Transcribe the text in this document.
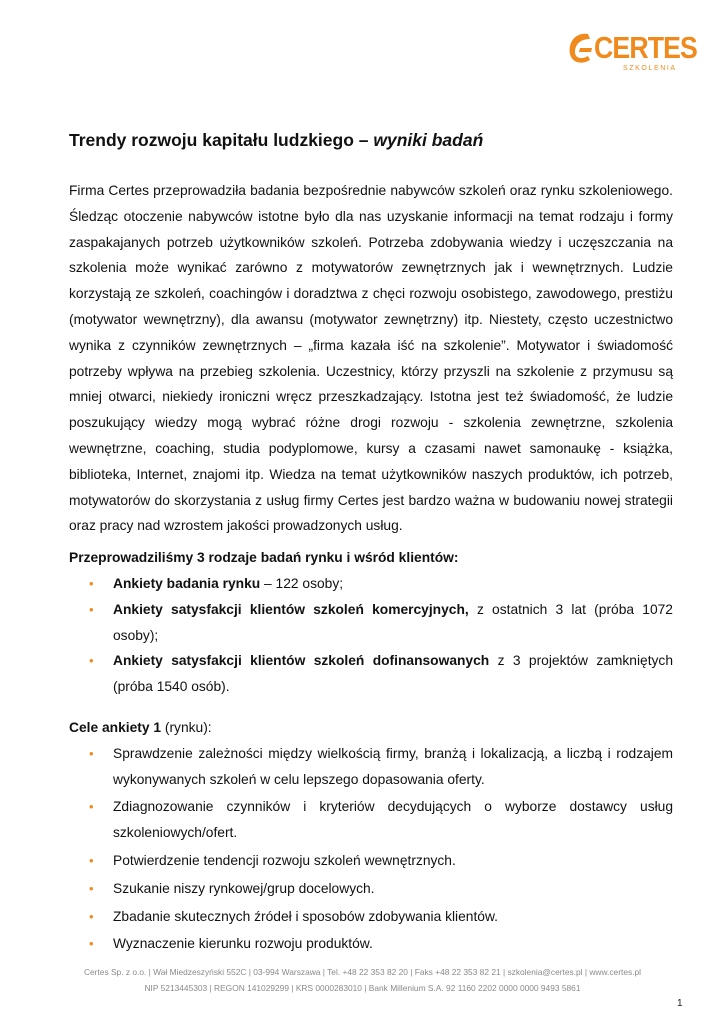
CERTES
SZKOLENIA
Trendy rozwoju kapitału ludzkiego – wyniki badań

Firma Certes przeprowadziła badania bezpośrednie nabywców szkoleń oraz rynku szkoleniowego. Śledząc otoczenie nabywców istotne było dla nas uzyskanie informacji na temat rodzaju i formy zaspakajanych potrzeb użytkowników szkoleń. Potrzeba zdobywania wiedzy i uczęszczania na szkolenia może wynikać zarówno z motywatorów zewnętrznych jak i wewnętrznych. Ludzie korzystają ze szkoleń, coachingów i doradztwa z chęci rozwoju osobistego, zawodowego, prestiżu (motywator wewnętrzny), dla awansu (motywator zewnętrzny) itp. Niestety, często uczestnictwo wynika z czynników zewnętrznych – „firma kazała iść na szkolenie”. Motywator i świadomość potrzeby wpływa na przebieg szkolenia. Uczestnicy, którzy przyszli na szkolenie z przymusu są mniej otwarci, niekiedy ironiczni wręcz przeszkadzający. Istotna jest też świadomość, że ludzie poszukujący wiedzy mogą wybrać różne drogi rozwoju - szkolenia zewnętrzne, szkolenia wewnętrzne, coaching, studia podyplomowe, kursy a czasami nawet samonaukę - książka, biblioteka, Internet, znajomi itp. Wiedza na temat użytkowników naszych produktów, ich potrzeb, motywatorów do skorzystania z usług firmy Certes jest bardzo ważna w budowaniu nowej strategii oraz pracy nad wzrostem jakości prowadzonych usług.

Przeprowadziliśmy 3 rodzaje badań rynku i wśród klientów:

• Ankiety badania rynku – 122 osoby;
• Ankiety satysfakcji klientów szkoleń komercyjnych, z ostatnich 3 lat (próba 1072 osoby);
• Ankiety satysfakcji klientów szkoleń dofinansowanych z 3 projektów zamkniętych (próba 1540 osób).

Cele ankiety 1 (rynku):

• Sprawdzenie zależności między wielkością firmy, branżą i lokalizacją, a liczbą i rodzajem wykonywanych szkoleń w celu lepszego dopasowania oferty.
• Zdiagnozowanie czynników i kryteriów decydujących o wyborze dostawcy usług szkoleniowych/ofert.
• Potwierdzenie tendencji rozwoju szkoleń wewnętrznych.
• Szukanie niszy rynkowej/grup docelowych.
• Zbadanie skutecznych źródeł i sposobów zdobywania klientów.
• Wyznaczenie kierunku rozwoju produktów.
Certes Sp. z o.o. | Wał Miedzeszyński 552C | 03-994 Warszawa | Tel. +48 22 353 82 20 | Faks +48 22 353 82 21 | szkolenia@certes.pl | www.certes.pl
NIP 5213445303 | REGON 141029299 | KRS 0000283010 | Bank Millenium S.A. 92 1160 2202 0000 0000 9493 5861
1
